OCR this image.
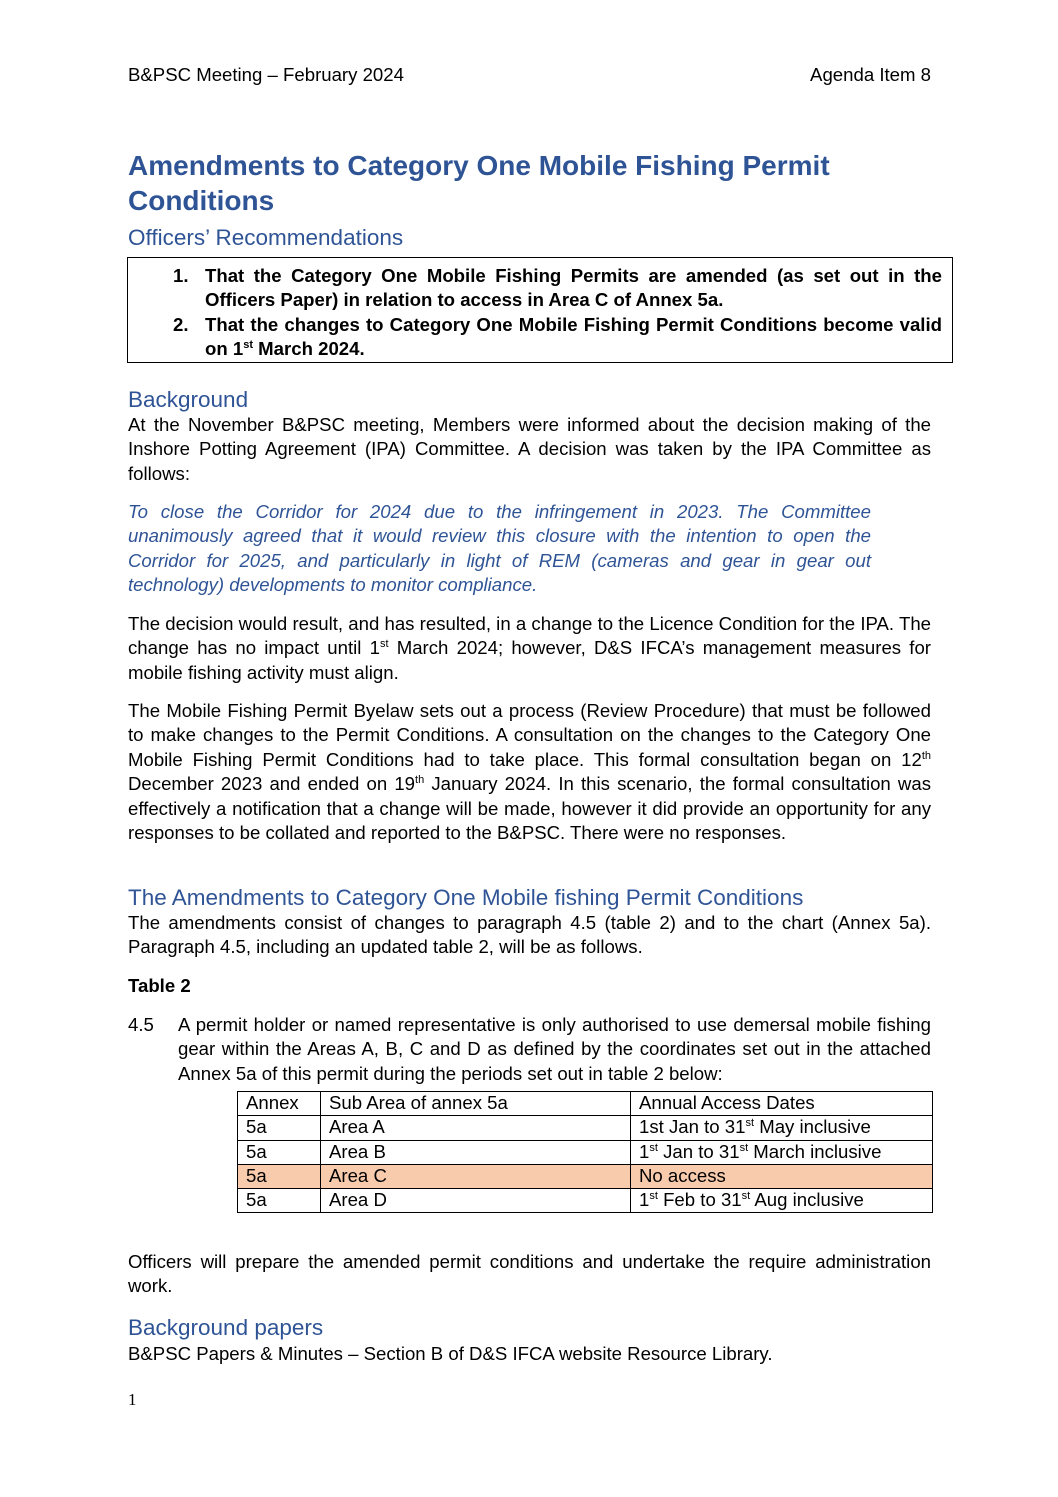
B&PSC Meeting – February 2024	Agenda Item 8
Amendments to Category One Mobile Fishing Permit Conditions
Officers’ Recommendations
1. That the Category One Mobile Fishing Permits are amended (as set out in the Officers Paper) in relation to access in Area C of Annex 5a.
2. That the changes to Category One Mobile Fishing Permit Conditions become valid on 1st March 2024.
Background

At the November B&PSC meeting, Members were informed about the decision making of the Inshore Potting Agreement (IPA) Committee. A decision was taken by the IPA Committee as follows:

To close the Corridor for 2024 due to the infringement in 2023. The Committee unanimously agreed that it would review this closure with the intention to open the Corridor for 2025, and particularly in light of REM (cameras and gear in gear out technology) developments to monitor compliance.

The decision would result, and has resulted, in a change to the Licence Condition for the IPA. The change has no impact until 1st March 2024; however, D&S IFCA’s management measures for mobile fishing activity must align.

The Mobile Fishing Permit Byelaw sets out a process (Review Procedure) that must be followed to make changes to the Permit Conditions. A consultation on the changes to the Category One Mobile Fishing Permit Conditions had to take place. This formal consultation began on 12th December 2023 and ended on 19th January 2024. In this scenario, the formal consultation was effectively a notification that a change will be made, however it did provide an opportunity for any responses to be collated and reported to the B&PSC. There were no responses.

The Amendments to Category One Mobile fishing Permit Conditions

The amendments consist of changes to paragraph 4.5 (table 2) and to the chart (Annex 5a). Paragraph 4.5, including an updated table 2, will be as follows.

Table 2

4.5	A permit holder or named representative is only authorised to use demersal mobile fishing gear within the Areas A, B, C and D as defined by the coordinates set out in the attached Annex 5a of this permit during the periods set out in table 2 below:

Annex	Sub Area of annex 5a	Annual Access Dates
5a	Area A	1st Jan to 31st May inclusive
5a	Area B	1st Jan to 31st March inclusive
5a	Area C	No access
5a	Area D	1st Feb to 31st Aug inclusive

Officers will prepare the amended permit conditions and undertake the require administration work.

Background papers

B&PSC Papers & Minutes – Section B of D&S IFCA website Resource Library.

1
